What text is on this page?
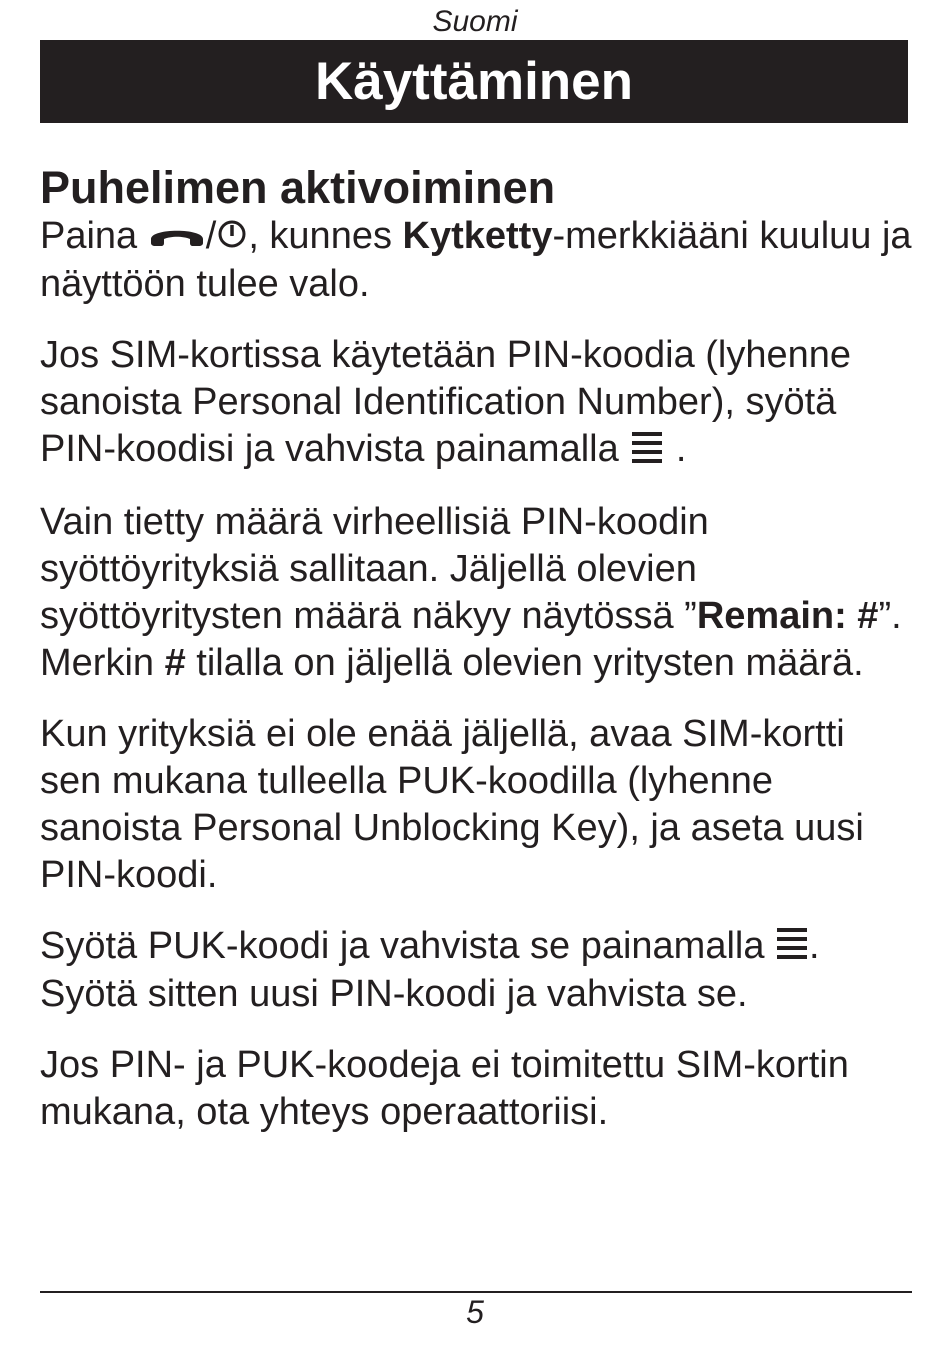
Suomi
Käyttäminen
Puhelimen aktivoiminen

Paina / , kunnes Kytketty-merkkiääni kuuluu ja näyttöön tulee valo.

Jos SIM-kortissa käytetään PIN-koodia (lyhenne sanoista Personal Identification Number), syötä PIN-koodisi ja vahvista painamalla  .

Vain tietty määrä virheellisiä PIN-koodin syöttöyrityksiä sallitaan. Jäljellä olevien syöttöyritysten määrä näkyy näytössä ”Remain: #”. Merkin # tilalla on jäljellä olevien yritysten määrä.

Kun yrityksiä ei ole enää jäljellä, avaa SIM-kortti sen mukana tulleella PUK-koodilla (lyhenne sanoista Personal Unblocking Key), ja aseta uusi PIN-koodi.

Syötä PUK-koodi ja vahvista se painamalla . Syötä sitten uusi PIN-koodi ja vahvista se.

Jos PIN- ja PUK-koodeja ei toimitettu SIM-kortin mukana, ota yhteys operaattoriisi.

5
